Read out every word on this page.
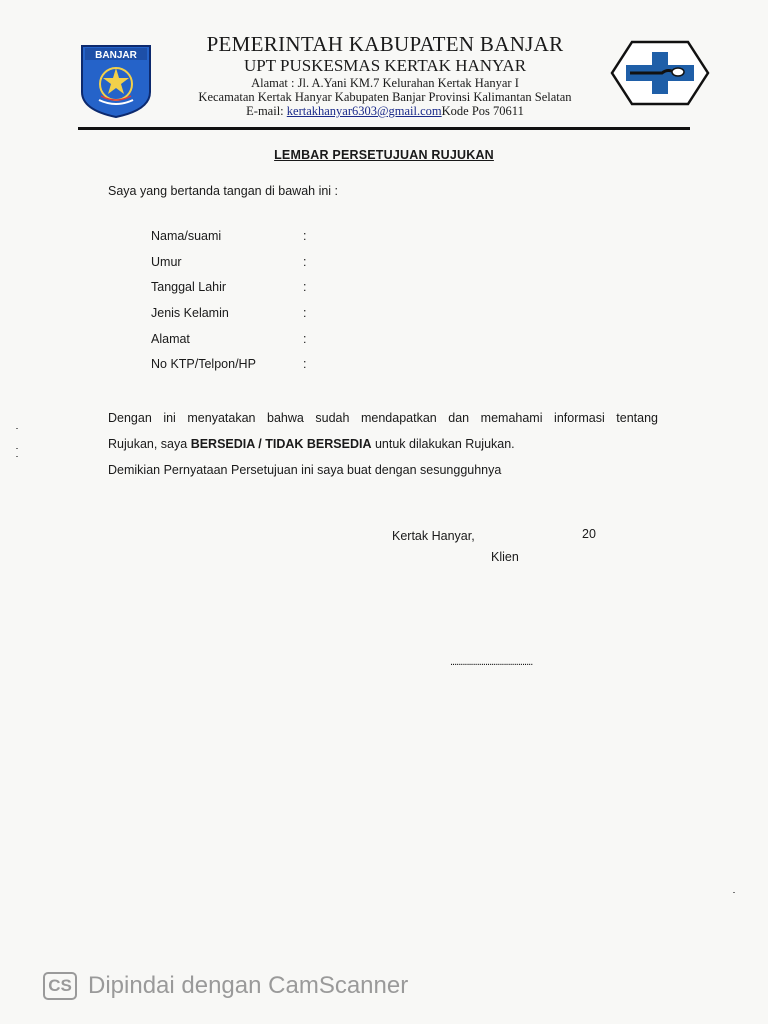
BANJAR	PEMERINTAH KABUPATEN BANJAR
UPT PUSKESMAS KERTAK HANYAR
Alamat : Jl. A.Yani KM.7 Kelurahan Kertak Hanyar I
Kecamatan Kertak Hanyar Kabupaten Banjar Provinsi Kalimantan Selatan
E-mail: kertakhanyar6303@gmail.comKode Pos 70611
LEMBAR PERSETUJUAN RUJUKAN
Saya yang bertanda tangan di bawah ini :
Nama/suami	:
Umur	:
Tanggal Lahir	:
Jenis Kelamin	:
Alamat	:
No KTP/Telpon/HP	:
Dengan ini menyatakan bahwa sudah mendapatkan dan memahami informasi tentang
Rujukan, saya BERSEDIA / TIDAK BERSEDIA untuk dilakukan Rujukan.
Demikian Pernyataan Persetujuan ini saya buat dengan sesungguhnya
Kertak Hanyar,	20
Klien
........................................
CS Dipindai dengan CamScanner
